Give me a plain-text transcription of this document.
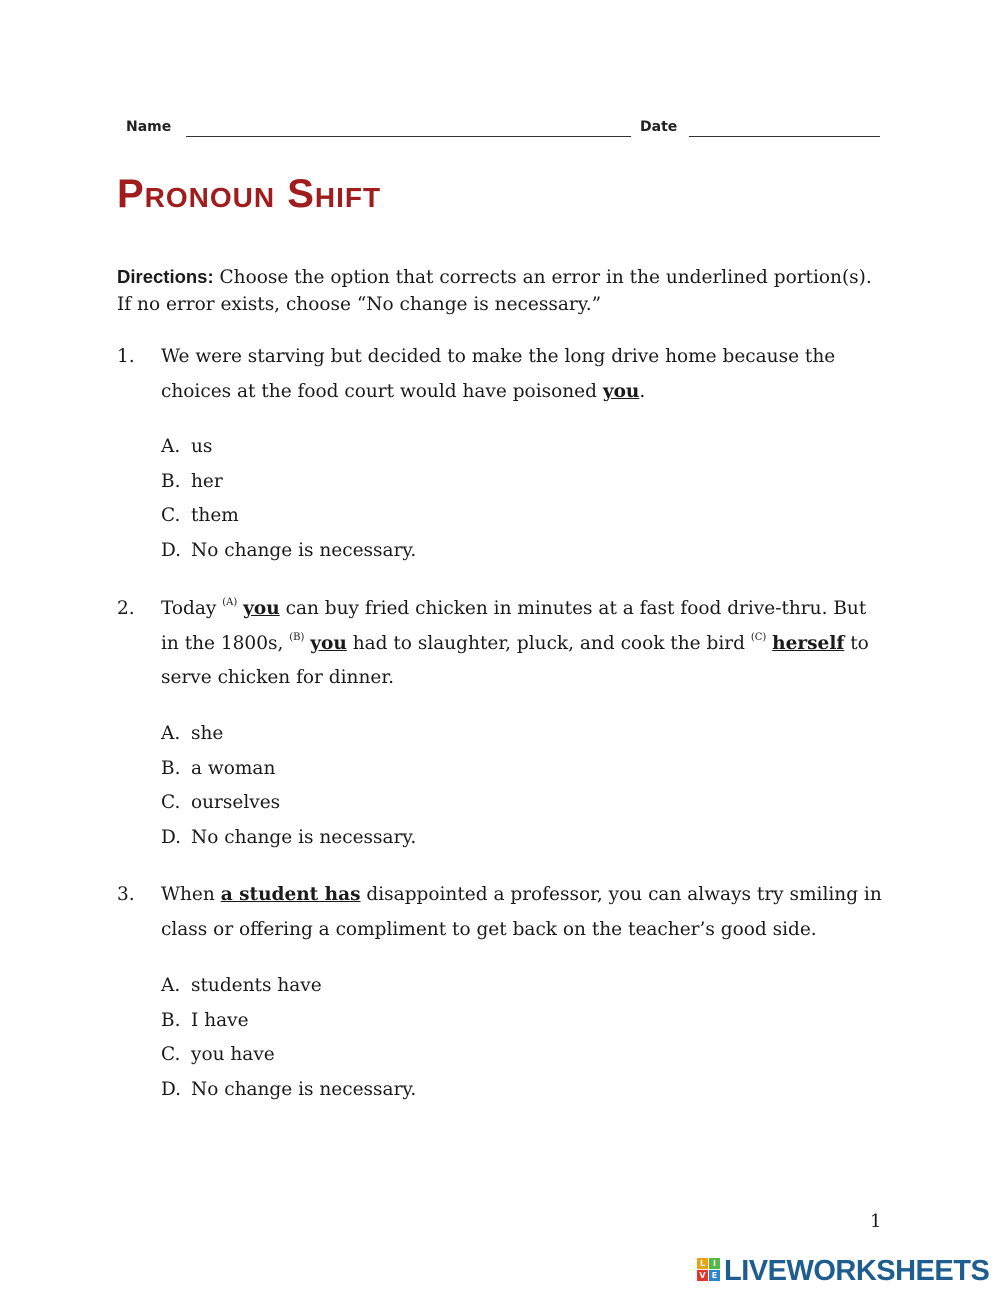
Name	Date
Pronoun Shift
Directions: Choose the option that corrects an error in the underlined portion(s). If no error exists, choose “No change is necessary.”
1. We were starving but decided to make the long drive home because the choices at the food court would have poisoned you.
A. us
B. her
C. them
D. No change is necessary.
2. Today $^{(A)}$ you can buy fried chicken in minutes at a fast food drive-thru. But in the 1800s, $^{(B)}$ you had to slaughter, pluck, and cook the bird $^{(C)}$ herself to serve chicken for dinner.
A. she
B. a woman
C. ourselves
D. No change is necessary.
3. When a student has disappointed a professor, you can always try smiling in class or offering a compliment to get back on the teacher’s good side.
A. students have
B. I have
C. you have
D. No change is necessary.
1
L I
V E LIVEWORKSHEETS
